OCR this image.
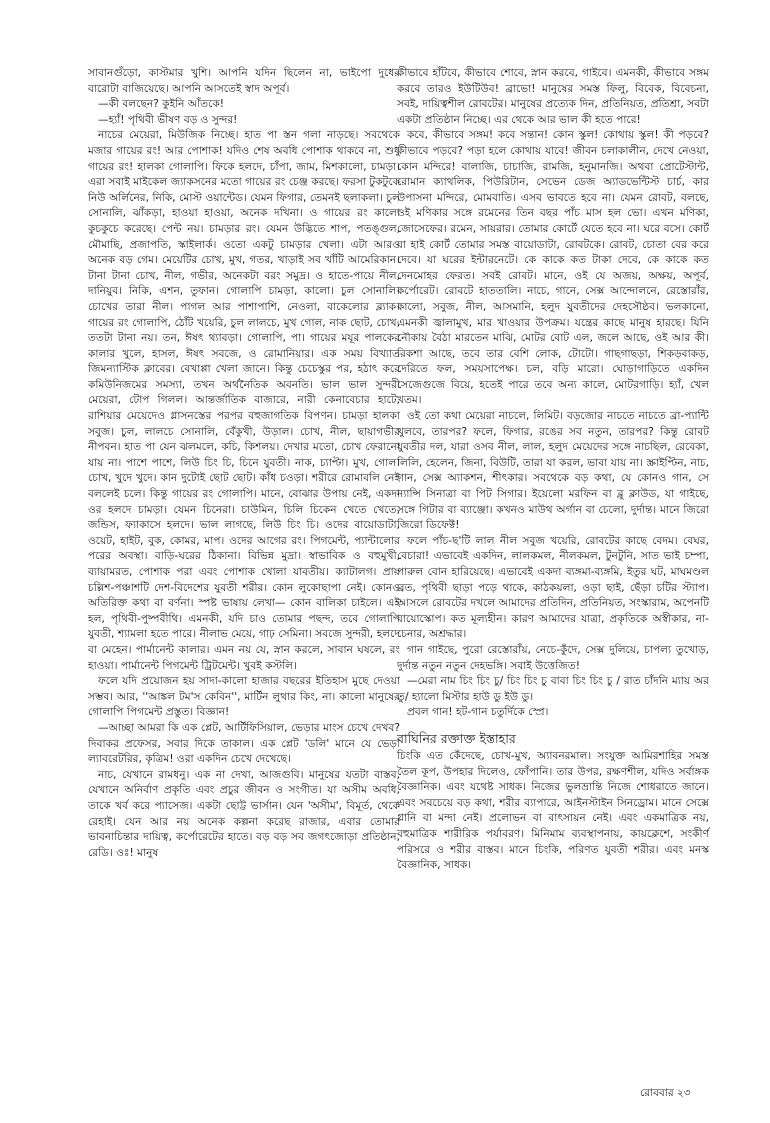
সাবানগুঁড়ো, কাস্টমার খুশি। আপনি যদিন ছিলেন না, ভাইপো দুধের বারোটা বাজিয়েছে। আপনি আসতেই স্বাদ অপূর্ব।

—কী বলছেন? কুইনি আঁতকে!

—হ্যাঁ! পৃথিবী ভীষণ বড় ও সুন্দর!

নাচের মেয়েরা, মিউজিক নিচ্ছে। হাত পা স্তন গলা নাড়ছে। সবথেকে মজার গায়ের রং! আর পোশাক! যদিও শেষ অবধি পোশাক থাকবে না, শুধু গায়ের রং! হালকা গোলাপি। ফিকে হলদে, চাঁপা, জাম, মিশকালো, চামড়া। এরা সবাই মাইকেল জ্যাকসনের মতো গায়ের রং চেঞ্জ করছে। ফরসা টুকটুকে নিউ অর্লিনের, নিকি, মোস্ট ওয়ান্টেড। যেমন ফিগার, তেমনই ছলাকলা। চুল সোনালি, ঝাঁকড়া, হাওয়া হাওয়া, অনেক দখিনা। ও গায়ের রং কালো কুচকুচে করেছে। পেন্ট নয়। চামড়ার রং। যেমন উদ্ভিতে শাপ, পতঙ্গুল, মৌমাছি, প্রজাপতি, স্কাইলার্ক। ওতো একটু চামড়ার খেলা। এটা আরও অনেক বড় গেম। মেয়েটির চোখ, মুখ, গতর, খাড়াই সব খাঁটি আমেরিকান। টানা টানা চোখ, নীল, গভীর, অনেকটা বরং সমুদ্র। ও হাতে-পায়ে নীল, দানিয়ুব। নিকি, এশন, তুফান। গোলাপি চামড়া, কালো। চুল সোনালি। চোখের তারা নীল। পাগল আর পাশাপাশি, নেওলা, বাকেলোর ব্ল্যাক। গায়ের রং গোলাপি, ঠোঁট খয়েরি, চুল লালচে, মুখ গোল, নাক ছোট, চোখ, ততটা টানা নয়। তন, ঈষৎ থ্যাবড়া। গোলাপি, পা। গায়ের মযূর পালকের কালার খুলে, হাসল, ঈষৎ সবজে, ও রোমানিয়ার। এক সময় বিখ্যাত জিমন্যাস্টিক ক্লাবের। বেখাপ্পা খেলা জানে। কিন্তু চেচেস্কুর পর, হঠাৎ করে কমিউনিজমের সমস্যা, তখন অর্থনৈতিক অবনতি। ভাল ভাল সুন্দরী মেয়েরা, টোপ গিলল। আন্তর্জাতিক বাজারে, নারী কেনাবেচার হাটে, রাশিয়ার মেয়েদেও গ্লাসনস্তের পরপর বহুজাগতিক বিপণন। চামড়া হালকা সবুজ। চুল, লালচে সোনালি, বেঁকুখী, উড়াল। চোখ, নীল, ছায়াগভীর নীপবন। হাত পা যেন ঝলমলে, কচি, কিশলয়। দেখার মতো, চোখ ফেরানো যায় না। পাশে পাশে, লিউ চিং চি, চিনে যুবতী। নাক, চ্যাপ্টা। মুখ, গোল। চোখ, খুদে খুদে। কান দুটোই ছোট ছোট। কাঁধ চওড়া। শরীরে রোমাবলি নেই বললেই চলে। কিন্তু গায়ের রং গোলাপি। মানে, বোঝার উপায় নেই, একদা ওর হলদে চামড়া। যেমন চিনেরা। চাউমিন, চিলি চিকেন খেতে খেতে, জন্ডিস, ফ্যাকাসে হলদে। ভাল লাগছে, লিউ চিং চি। ওদের বায়োডাটা, ওয়েট, হাইট, বুক, কোমর, মাপ। ওদের আগের রং। পিগমেন্ট, প্যান্টালোর পরের অবস্থা। বাড়ি-ঘরের ঠিকানা। বিভিন্ন মুদ্রা। স্বাভাবিক ও বহুমুখী, ব্যায়ামরত, পোশাক পরা এবং পোশাক খোলা যাবতীয়। ক্যাটালগ। প্রায় চল্লিশ-পঞ্চাশটি দেশ-বিদেশের যুবতী শরীর। কোন লুকোছাপা নেই। কোনও অতিরিক্ত কথা বা বর্ণনা। স্পষ্ট ভাষায় লেখা— কোন বালিকা চাইলে। এই হল, পৃথিবী-পুষ্পবীথি। এমনকী, যদি চাও তোমার পছন্দ, তবে গোলাপি যুবতী, শ্যামলা হতে পারে। নীলাভ মেয়ে, গাঢ় সেমিনা। সবজে সুন্দরী, হলদে বা মেহেন। পার্মানেন্ট কালার। এমন নয় যে, স্নান করলে, সাবান ঘষলে, রং হাওয়া। পার্মানেন্ট পিগমেন্ট ট্রিটমেন্ট। খুবই কস্টলি।

ফলে যদি প্রয়োজন হয় সাদা-কালো হাজার বছরের ইতিহাস মুছে দেওয়া সম্ভব। আর, ''আঙ্কল টম'স কেবিন'', মার্টিন লুথার কিং, না। কালো মানুষের গোলাপি পিগমেন্ট প্রস্তুত। বিজ্ঞান!

—আচ্ছা আমরা কি এক প্লেট, আর্টিফিসিয়াল, ভেড়ার মাংস চেখে দেখব? দিবাকর প্রফেসর, সবার দিকে তাকাল। এক প্লেট 'ডলি' মানে যে ভেড়া ল্যাবরেটরির, কৃত্রিম! ওরা একদিন চেখে দেখেছে।

নাচ, যেখানে রামধনু। এক না দেখা, আজগুবি। মানুষের যতটা বাস্তব, যেখানে অনির্বাণ প্রকৃতি এবং প্রচুর জীবন ও সংগীত। যা অসীম অবধি, তাকে খর্ব করে প্যাসেজ। একটা ছোট্ট ভার্সান। যেন 'অসীম', বিমূর্ত, থেকে রেহাই। যেন আর নয় অনেক কল্পনা করেছ রাজার, এবার তোমার ভাবনাচিন্তার দায়িত্ব, কর্পোরেটের হাতে। বড় বড় সব জগৎজোড়া প্রতিষ্ঠান, রেডি। ওঃ! মানুষ

কীভাবে হাঁটবে, কীভাবে শোবে, স্নান করবে, গাইবে। এমনকী, কীভাবে সঙ্গম করবে তারও ইউটিউব! ব্রাভো! মানুষের সমস্ত ফিলু, বিবেক, বিবেচনা, সবই, দায়িত্বশীল রোবটের। মানুষের প্রত্যেক দিন, প্রতিনিয়ত, প্রতিশ্রা, সবটা একটা প্রতিষ্ঠান নিচ্ছে। এর থেকে আর ভাল কী হতে পারে!

কবে, কীভাবে সঙ্গম! কবে সন্তান! কোন স্কুল! কোথায় স্কুল! কী পড়বে? কীভাবে পড়বে? পড়া হলে কোথায় যাবে! জীবন চলাকালীন, দেখে নেওয়া, কোন মন্দিরে! বালাজি, চাচাজি, রামজি, হনুমানজি। অথবা প্রোটেস্টান্ট, রোমান ক্যাথলিক, পিউরিটান, সেভেন ডেজ অ্যাডভেন্টিস্ট চার্চ, কার উপাসনা মন্দিরে, মোমবাতি। এসব ভাবতে হবে না। যেমন রোবট, বলছে, ওই মণিকার সঙ্গে রমেনের তিন বছর পাঁচ মাস হল ভো। এখন মণিকা, জোসেফের। রমেন, সায়রার। তোমার কোর্টে যেতে হবে না। ঘরে বসে। কোর্ট বা হাই কোর্ট তোমার সমস্ত বায়োডাটা, রোবটকে। রোবট, চোতা বের করে দেবে। যা ঘরের ইন্টারনেটে। কে কাকে কত টাকা দেবে, কে কাকে কত দেনমোহর ফেরত। সবই রোবট। মানে, ওই যে অজয়, অক্ষয়, অপূর্ব, কর্পোরেট। রোবটে হাততালি। নাচে, গানে, সেক্স আন্দোলনে, রেস্তোরাঁর, কালো, সবুজ, নীল, আসমানি, হলুদ যুবতীদের দেহসৌষ্ঠব। ভলকানো, এমনকী জ্বালামুখ, মার খাওয়ার উপক্রম। যন্ত্রের কাছে মানুষ হারছে। যিনি নৌকায় বৈঠা মারতেন মাঝি, মোটর বোট এল, জলে আছে, ওই আর কী। রিকশা আছে, তবে তার বেশি লোক, টোটো। গাছগাছড়া, শিকড়বাকড়, দেরিতে ফল, সময়সাপেক্ষ। চল, বড়ি মারো। ঘোড়াগাড়িতে একদিন সেজেগুজে বিয়ে, হতেই পারে তবে অন্য কালে, মোটরগাড়ি। হ্যাঁ, খেল খতম।

ওই তো কথা মেয়েরা নাচলে, লিমিট। বড়জোর নাচতে নাচতে ব্রা-প্যান্টি খুলবে, তারপর? ফলে, ফিগার, রঙের সব নতুন, তারপর? কিন্তু রোবট যুবতীর দল, যারা ওসব নীল, লাল, হলুদ মেয়েদের সঙ্গে নাচছিল, রেবেকা, লিলি, হেলেন, জিনা, বিউটি, তারা যা করল, ভাবা যায় না। স্ক্রাইপ্টিন, নাচ, গান, সেক্স অ্যাকশন, শীৎকার। সবথেকে বড় কথা, যে কোনও গান, সে ন্যান্সি সিনাত্রা বা পিট সিগার। ইয়েলো মরফিন বা ব্লু ক্লাউড, যা গাইছে, সঙ্গে গিটার বা ব্যাঞ্জো। কখনও মাউথ অর্গান বা চেলো, দুর্দান্ত। মানে জিরো জিরো ডিফেক্ট!

ফলে পাঁচ-ছ'টি লাল নীল সবুজ খয়েরি, রোবটের কাছে বেদম। বেঘর, বেচারা! এভাবেই একদিন, লালকমল, নীলকমল, টুনটুনি, সাত ভাই চম্পা, পারুল বোন হারিয়েছে। এভাবেই একদা ব্যঙ্গমা-ব্যঙ্গমি, ইতুর ঘট, মাঘমণ্ডল ব্রত, পৃথিবী ছাড়া পড়ে থাকে, কাঠকয়লা, ওড়া ছাই, ছেঁড়া চটির স্ট্যাপ। আসলে রোবটের দখলে আমাদের প্রতিদিন, প্রতিনিয়ত, সংস্কারাম, অপেনটি বায়োস্কোপ। কত মূল্যহীন। কারণ আমাদের যাত্রা, প্রকৃতিকে অস্বীকার, না-চেনার, অশ্রদ্ধার।

গান গাইছে, পুরো রেস্তোরাঁয়, নেচে-কুঁদে, সেক্স দুলিয়ে, চাপল্য তুখোড়, দুর্দান্ত নতুন নতুন দেহভঙ্গি। সবাই উত্তেজিত!

—মেরা নাম চিং চিং চু/ চিং চিং চু বাবা চিং চিং চু / রাত চাঁদনি ম্যায় অর তু/ হ্যালো মিস্টার হাউ ডু ইউ ডু।

প্রবল গান! হট-গান চতুর্দিকে স্প্রে।

বাঘিনির রক্তাক্ত ইস্তাহার

চিংকি এত কেঁদেছে, চোখ-মুখ, অ্যাবনরমাল। সংযুক্ত আমিরশাহির সমস্ত তৈল কূপ, উপহার দিলেও, ফোঁপানি। তার উপর, রক্ষণশীল, যদিও সর্বাঙ্গক বৈজ্ঞানিক। এবং যথেষ্ট সাধক। নিজের ভুলভ্রান্তি নিজে শোধরাতে জানে। এবং সবচেয়ে বড় কথা, শরীর ব্যাপারে, আইনস্টাইন সিনড্রোম। মানে সেক্সে গ্লানি বা মন্দা নেই। প্রলোভন বা বাৎসায়ন নেই। এবং একমাত্রিক নয়, বহুমাত্রিক শারীরিক পর্যাবরণ। মিনিমাম ব্যবস্থাপনায়, কায়ক্লেশে, সংকীর্ণ পরিসরে ও শরীর বাস্তব। মানে চিংকি, পরিণত যুবতী শরীর। এবং মনস্ক বৈজ্ঞানিক, সাধক।

রোববার ২৩
